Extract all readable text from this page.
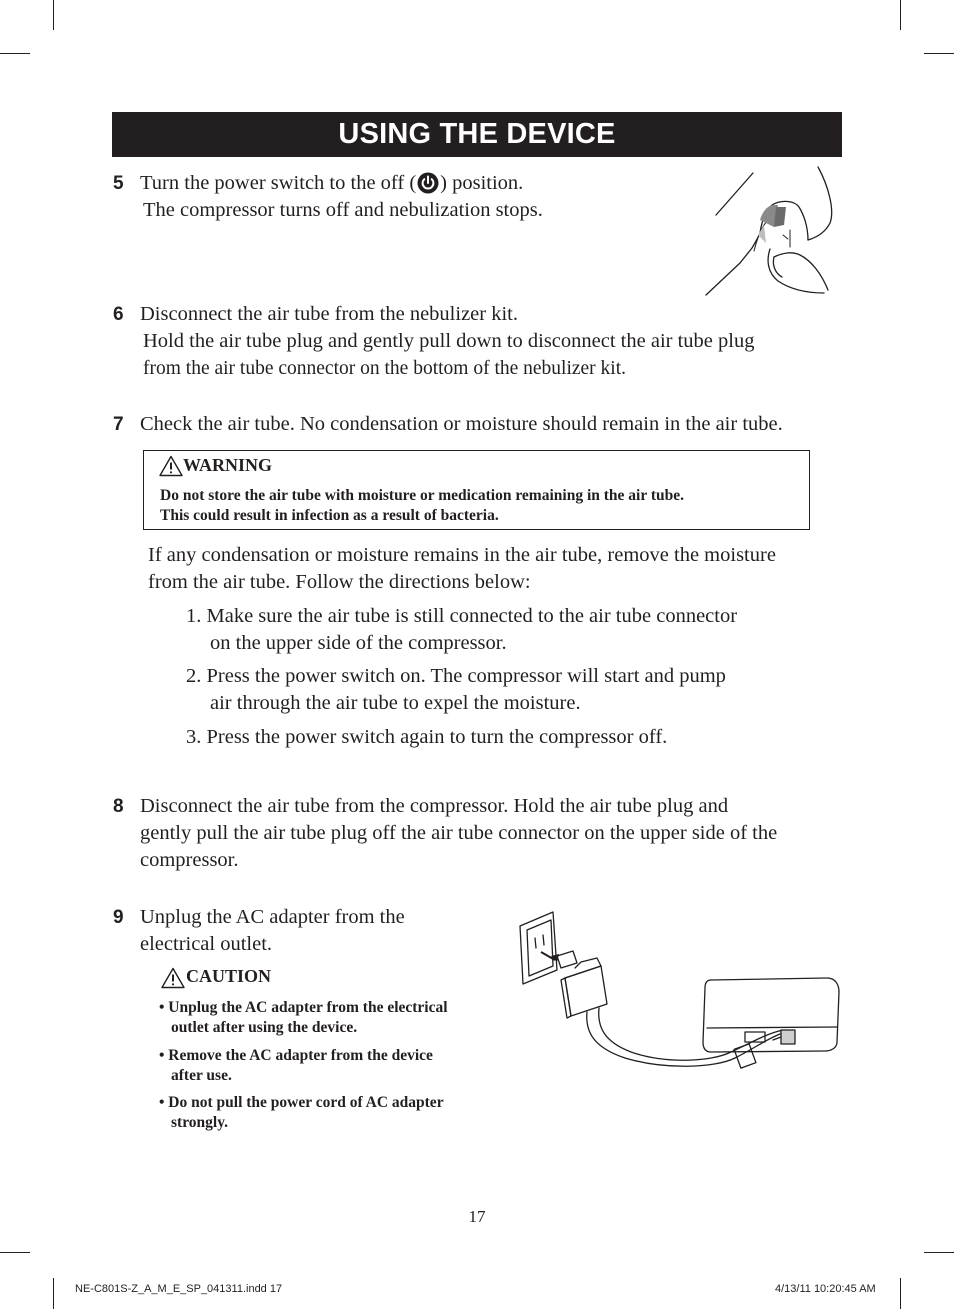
USING THE DEVICE
5 Turn the power switch to the off ( ) position.
The compressor turns off and nebulization stops.
6 Disconnect the air tube from the nebulizer kit.
Hold the air tube plug and gently pull down to disconnect the air tube plug
from the air tube connector on the bottom of the nebulizer kit.
7 Check the air tube. No condensation or moisture should remain in the air tube.
WARNING
Do not store the air tube with moisture or medication remaining in the air tube.
This could result in infection as a result of bacteria.
If any condensation or moisture remains in the air tube, remove the moisture
from the air tube. Follow the directions below:
1. Make sure the air tube is still connected to the air tube connector
on the upper side of the compressor.
2. Press the power switch on. The compressor will start and pump
air through the air tube to expel the moisture.
3. Press the power switch again to turn the compressor off.
8 Disconnect the air tube from the compressor. Hold the air tube plug and
gently pull the air tube plug off the air tube connector on the upper side of the
compressor.
9 Unplug the AC adapter from the
electrical outlet.
CAUTION
• Unplug the AC adapter from the electrical
outlet after using the device.
• Remove the AC adapter from the device
after use.
• Do not pull the power cord of AC adapter
strongly.
17
NE-C801S-Z_A_M_E_SP_041311.indd 17	4/13/11 10:20:45 AM
